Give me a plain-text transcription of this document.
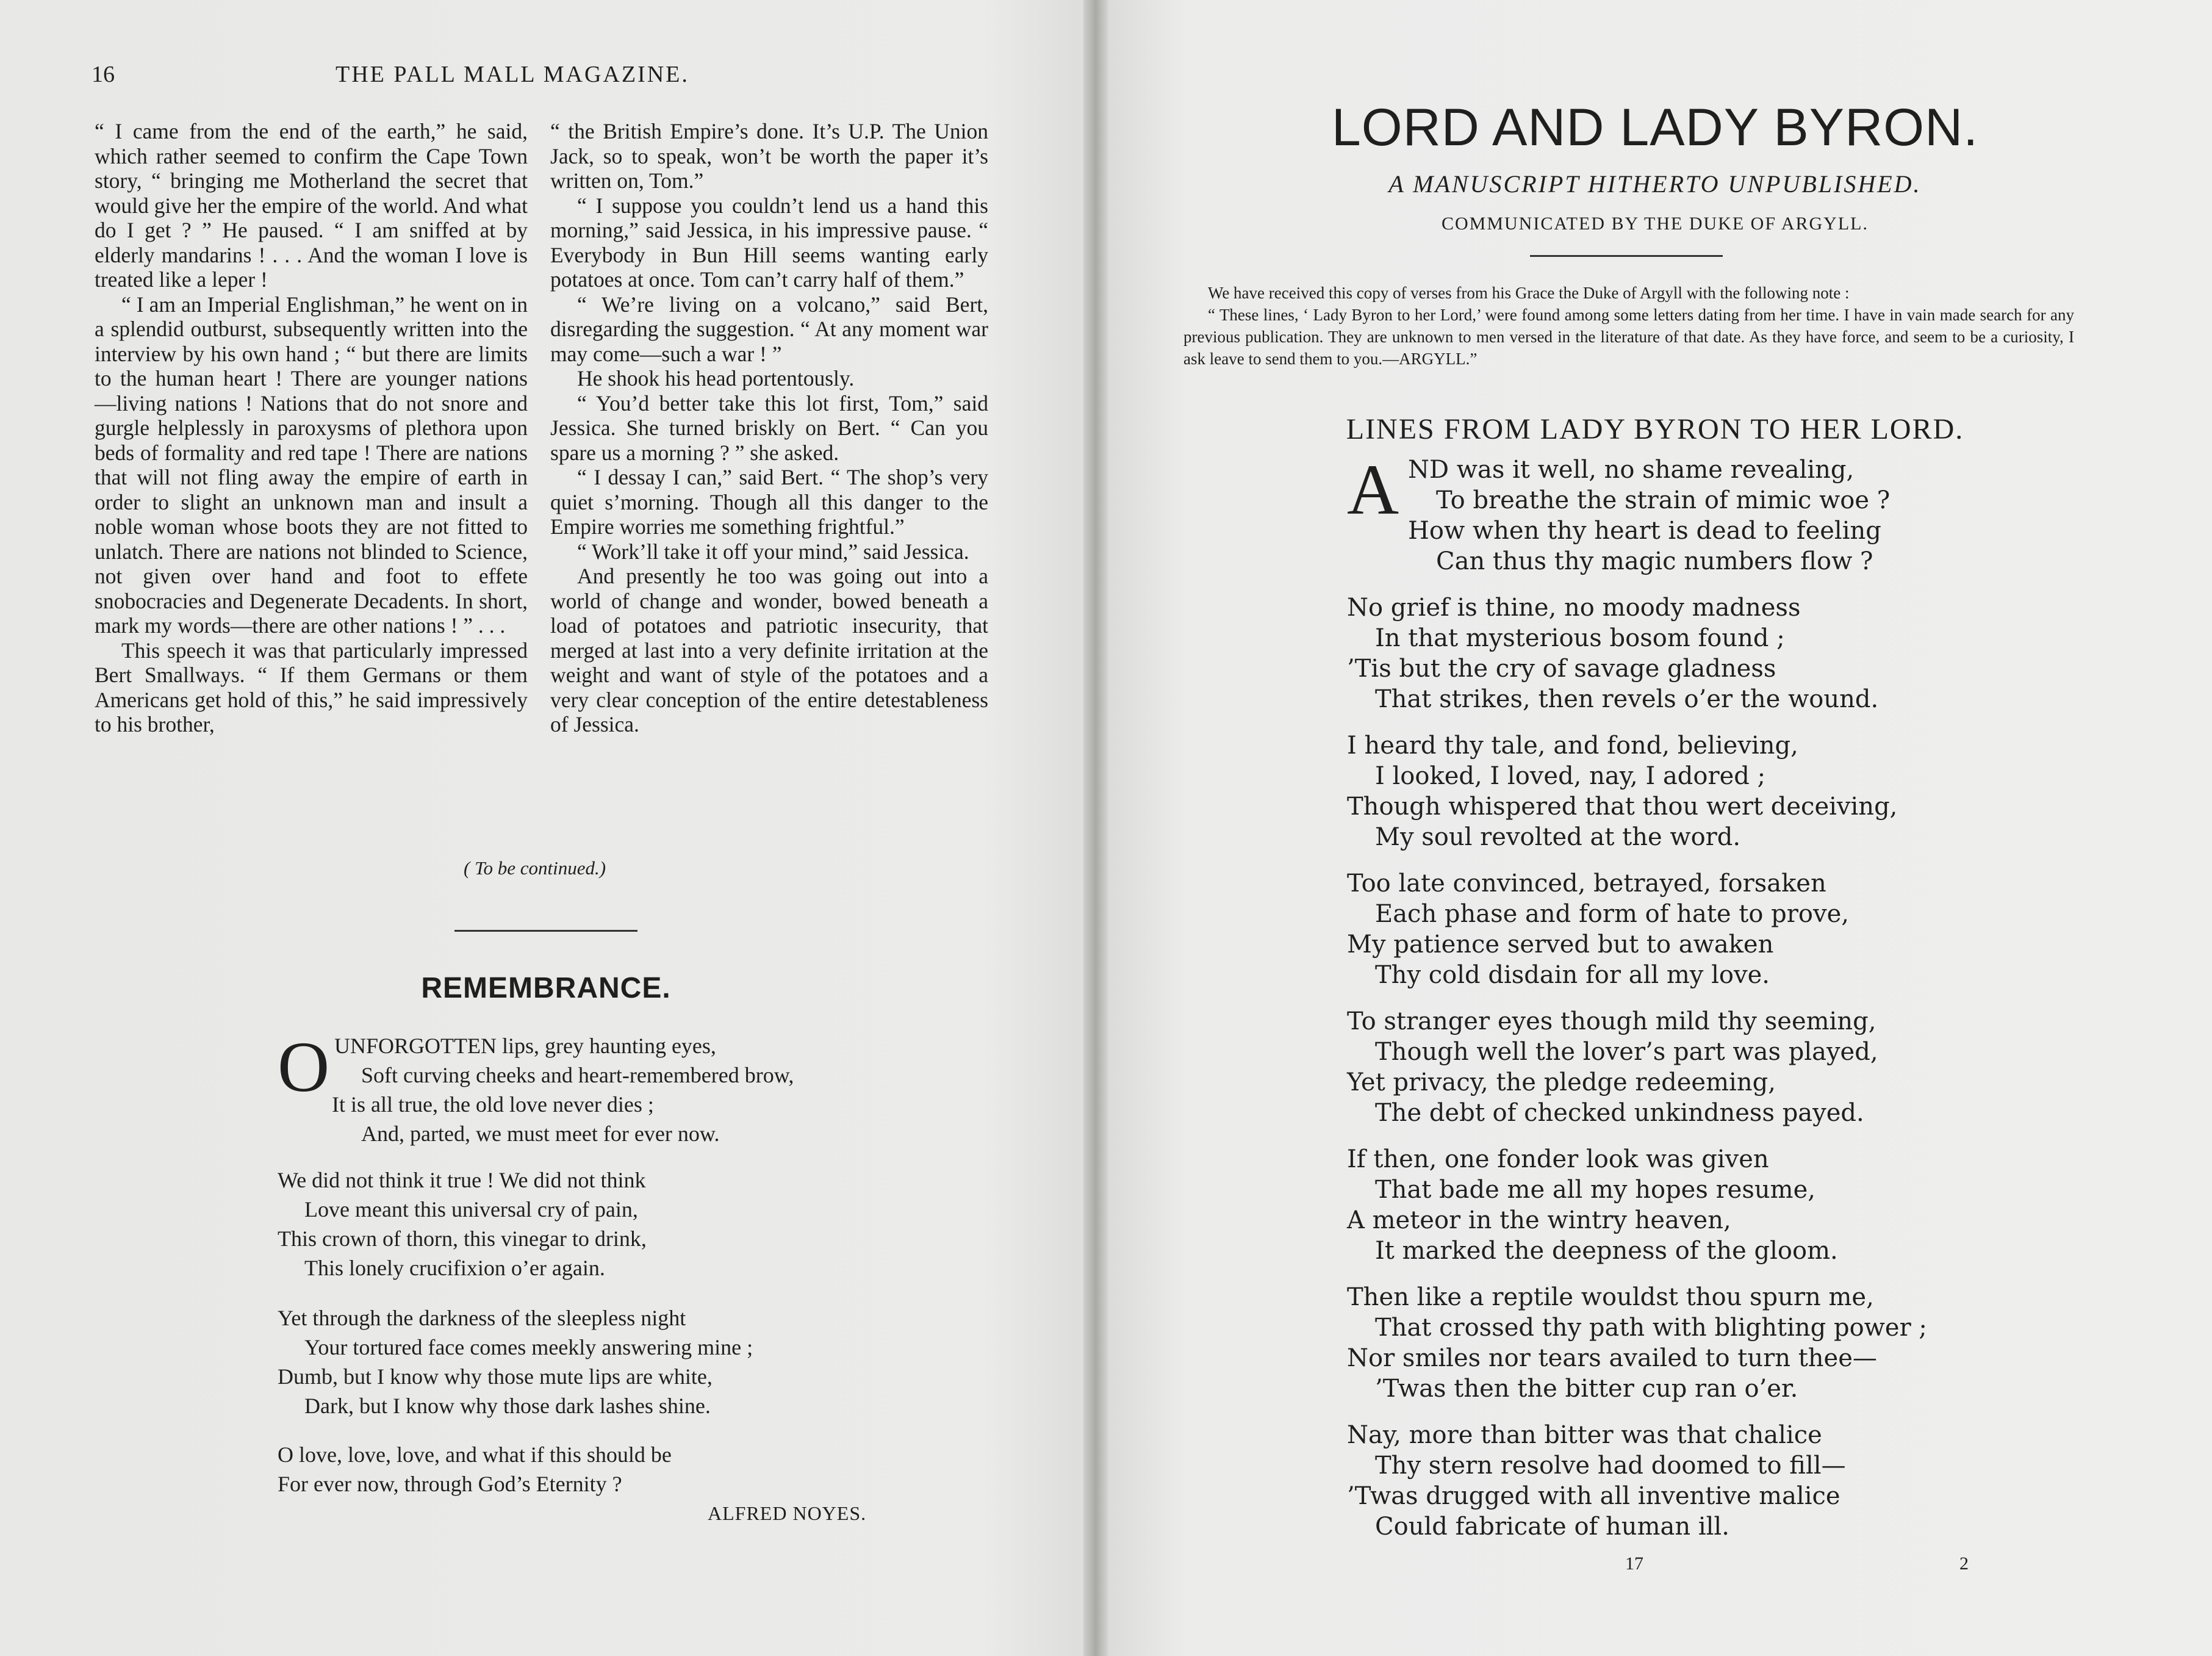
16	THE PALL MALL MAGAZINE.

“ I came from the end of the earth,” he said, which rather seemed to confirm the Cape Town story, “ bringing me Motherland the secret that would give her the empire of the world. And what do I get ? ” He paused. “ I am sniffed at by elderly mandarins ! . . . And the woman I love is treated like a leper !

“ I am an Imperial Englishman,” he went on in a splendid outburst, subsequently written into the interview by his own hand ; “ but there are limits to the human heart ! There are younger nations —living nations ! Nations that do not snore and gurgle helplessly in paroxysms of plethora upon beds of formality and red tape ! There are nations that will not fling away the empire of earth in order to slight an unknown man and insult a noble woman whose boots they are not fitted to unlatch. There are nations not blinded to Science, not given over hand and foot to effete snobocracies and Degenerate Decadents. In short, mark my words—there are other nations ! ” . . .

This speech it was that particularly impressed Bert Smallways. “ If them Germans or them Americans get hold of this,” he said impressively to his brother,

“ the British Empire’s done. It’s U.P. The Union Jack, so to speak, won’t be worth the paper it’s written on, Tom.”

“ I suppose you couldn’t lend us a hand this morning,” said Jessica, in his impressive pause. “ Everybody in Bun Hill seems wanting early potatoes at once. Tom can’t carry half of them.”

“ We’re living on a volcano,” said Bert, disregarding the suggestion. “ At any moment war may come—such a war ! ”

He shook his head portentously.

“ You’d better take this lot first, Tom,” said Jessica. She turned briskly on Bert. “ Can you spare us a morning ? ” she asked.

“ I dessay I can,” said Bert. “ The shop’s very quiet s’morning. Though all this danger to the Empire worries me something frightful.”

“ Work’ll take it off your mind,” said Jessica.

And presently he too was going out into a world of change and wonder, bowed beneath a load of potatoes and patriotic insecurity, that merged at last into a very definite irritation at the weight and want of style of the potatoes and a very clear conception of the entire detestableness of Jessica.

( To be continued.)
REMEMBRANCE.
O UNFORGOTTEN lips, grey haunting eyes,
Soft curving cheeks and heart-remembered brow,
It is all true, the old love never dies ;
And, parted, we must meet for ever now.
We did not think it true ! We did not think
Love meant this universal cry of pain,
This crown of thorn, this vinegar to drink,
This lonely crucifixion o’er again.
Yet through the darkness of the sleepless night
Your tortured face comes meekly answering mine ;
Dumb, but I know why those mute lips are white,
Dark, but I know why those dark lashes shine.
O love, love, love, and what if this should be
For ever now, through God’s Eternity ?
ALFRED NOYES.
LORD AND LADY BYRON.
A MANUSCRIPT HITHERTO UNPUBLISHED.
COMMUNICATED BY THE DUKE OF ARGYLL.

We have received this copy of verses from his Grace the Duke of Argyll with the following note :

“ These lines, ‘ Lady Byron to her Lord,’ were found among some letters dating from her time. I have in vain made search for any previous publication. They are unknown to men versed in the literature of that date. As they have force, and seem to be a curiosity, I ask leave to send them to you.—ARGYLL.”

LINES FROM LADY BYRON TO HER LORD.
A ND was it well, no shame revealing,
To breathe the strain of mimic woe ?
How when thy heart is dead to feeling
Can thus thy magic numbers flow ?
No grief is thine, no moody madness
In that mysterious bosom found ;
’Tis but the cry of savage gladness
That strikes, then revels o’er the wound.
I heard thy tale, and fond, believing,
I looked, I loved, nay, I adored ;
Though whispered that thou wert deceiving,
My soul revolted at the word.
Too late convinced, betrayed, forsaken
Each phase and form of hate to prove,
My patience served but to awaken
Thy cold disdain for all my love.
To stranger eyes though mild thy seeming,
Though well the lover’s part was played,
Yet privacy, the pledge redeeming,
The debt of checked unkindness payed.
If then, one fonder look was given
That bade me all my hopes resume,
A meteor in the wintry heaven,
It marked the deepness of the gloom.
Then like a reptile wouldst thou spurn me,
That crossed thy path with blighting power ;
Nor smiles nor tears availed to turn thee—
’Twas then the bitter cup ran o’er.
Nay, more than bitter was that chalice
Thy stern resolve had doomed to fill—
’Twas drugged with all inventive malice
Could fabricate of human ill.
17	2
